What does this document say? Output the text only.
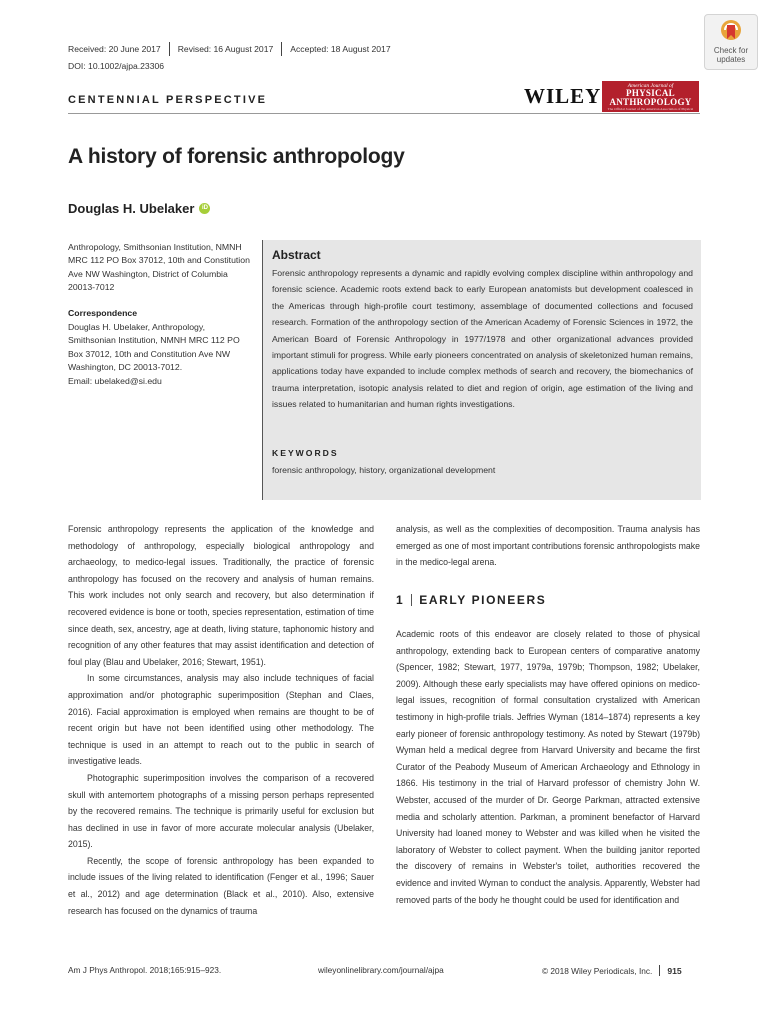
Received: 20 June 2017 Revised: 16 August 2017 Accepted: 18 August 2017
DOI: 10.1002/ajpa.23306
Check for
updates
CENTENNIAL PERSPECTIVE	WILEY	American Journal of
PHYSICAL
ANTHROPOLOGY
The Official Journal of the American Association of Physical
A history of forensic anthropology
Douglas H. Ubelaker	iD
Anthropology, Smithsonian Institution, NMNH MRC 112 PO Box 37012, 10th and Constitution Ave NW Washington, District of Columbia 20013-7012
Correspondence
Douglas H. Ubelaker, Anthropology, Smithsonian Institution, NMNH MRC 112 PO Box 37012, 10th and Constitution Ave NW Washington, DC 20013-7012.
Email: ubelaked@si.edu
Abstract
Forensic anthropology represents a dynamic and rapidly evolving complex discipline within anthropology and forensic science. Academic roots extend back to early European anatomists but development coalesced in the Americas through high-profile court testimony, assemblage of documented collections and focused research. Formation of the anthropology section of the American Academy of Forensic Sciences in 1972, the American Board of Forensic Anthropology in 1977/1978 and other organizational advances provided important stimuli for progress. While early pioneers concentrated on analysis of skeletonized human remains, applications today have expanded to include complex methods of search and recovery, the biomechanics of trauma interpretation, isotopic analysis related to diet and region of origin, age estimation of the living and issues related to humanitarian and human rights investigations.
KEYWORDS
forensic anthropology, history, organizational development

Forensic anthropology represents the application of the knowledge and methodology of anthropology, especially biological anthropology and archaeology, to medico-legal issues. Traditionally, the practice of forensic anthropology has focused on the recovery and analysis of human remains. This work includes not only search and recovery, but also determination if recovered evidence is bone or tooth, species representation, estimation of time since death, sex, ancestry, age at death, living stature, taphonomic history and recognition of any other features that may assist identification and detection of foul play (Blau and Ubelaker, 2016; Stewart, 1951).

In some circumstances, analysis may also include techniques of facial approximation and/or photographic superimposition (Stephan and Claes, 2016). Facial approximation is employed when remains are thought to be of recent origin but have not been identified using other methodology. The technique is used in an attempt to reach out to the public in search of investigative leads.

Photographic superimposition involves the comparison of a recovered skull with antemortem photographs of a missing person perhaps represented by the recovered remains. The technique is primarily useful for exclusion but has declined in use in favor of more accurate molecular analysis (Ubelaker, 2015).

Recently, the scope of forensic anthropology has been expanded to include issues of the living related to identification (Fenger et al., 1996; Sauer et al., 2012) and age determination (Black et al., 2010). Also, extensive research has focused on the dynamics of trauma

analysis, as well as the complexities of decomposition. Trauma analysis has emerged as one of most important contributions forensic anthropologists make in the medico-legal arena.

1 EARLY PIONEERS

Academic roots of this endeavor are closely related to those of physical anthropology, extending back to European centers of comparative anatomy (Spencer, 1982; Stewart, 1977, 1979a, 1979b; Thompson, 1982; Ubelaker, 2009). Although these early specialists may have offered opinions on medico-legal issues, recognition of formal consultation crystalized with American testimony in high-profile trials. Jeffries Wyman (1814–1874) represents a key early pioneer of forensic anthropology testimony. As noted by Stewart (1979b) Wyman held a medical degree from Harvard University and became the first Curator of the Peabody Museum of American Archaeology and Ethnology in 1866. His testimony in the trial of Harvard professor of chemistry John W. Webster, accused of the murder of Dr. George Parkman, attracted extensive media and scholarly attention. Parkman, a prominent benefactor of Harvard University had loaned money to Webster and was killed when he visited the laboratory of Webster to collect payment. When the building janitor reported the discovery of remains in Webster's toilet, authorities recovered the evidence and invited Wyman to conduct the analysis. Apparently, Webster had removed parts of the body he thought could be used for identification and

Am J Phys Anthropol. 2018;165:915–923.	wileyonlinelibrary.com/journal/ajpa	© 2018 Wiley Periodicals, Inc. 915
